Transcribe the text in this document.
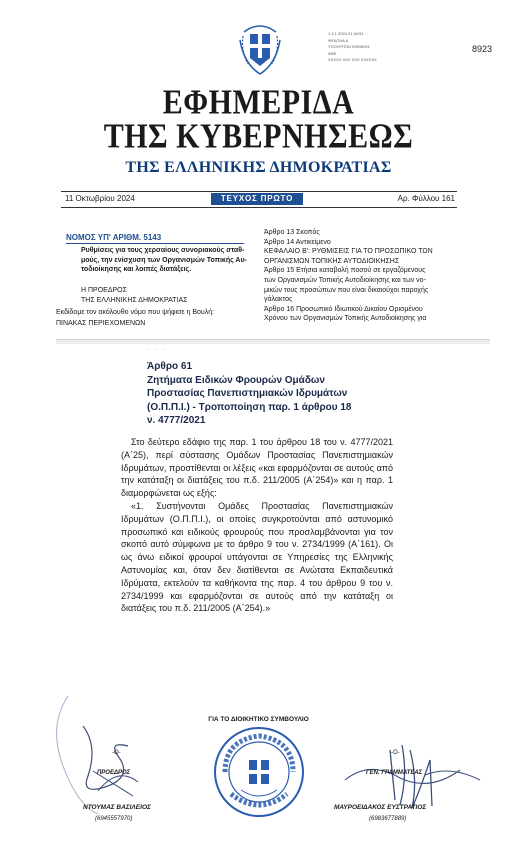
1 3 1 2024 21:34:51
ΦΕΚΟΛΑ Α
ΥΠΟΥΡΓΕΙΟ ΕΘΝΙΚΗΣ
ΑΦΕ
ΧΧΧΧΧ ΧΧΧ ΧΧΧ ΧΧΧΧΧΧ
8923
ΕΦΗΜΕΡΙΔΑ
ΤΗΣ ΚΥΒΕΡΝΗΣΕΩΣ
ΤΗΣ ΕΛΛΗΝΙΚΗΣ ΔΗΜΟΚΡΑΤΙΑΣ
11 Οκτωβρίου 2024	ΤΕΥΧΟΣ ΠΡΩΤΟ	Αρ. Φύλλου 161
ΝΟΜΟΣ ΥΠ' ΑΡΙΘΜ. 5143
Ρυθμίσεις για τους χερσαίους συνοριακούς σταθ-
μούς, την ενίσχυση των Οργανισμών Τοπικής Αυ-
τοδιοίκησης και λοιπές διατάξεις.
Η ΠΡΟΕΔΡΟΣ
ΤΗΣ ΕΛΛΗΝΙΚΗΣ ΔΗΜΟΚΡΑΤΙΑΣ
Εκδίδομε τον ακόλουθο νόμο που ψήφισε η Βουλή:
ΠΙΝΑΚΑΣ ΠΕΡΙΕΧΟΜΕΝΩΝ
Άρθρο 13 Σκοπός
Άρθρο 14 Αντικείμενο
ΚΕΦΑΛΑΙΟ Β': ΡΥΘΜΙΣΕΙΣ ΓΙΑ ΤΟ ΠΡΟΣΩΠΙΚΟ ΤΩΝ
ΟΡΓΑΝΙΣΜΩΝ ΤΟΠΙΚΗΣ ΑΥΤΟΔΙΟΙΚΗΣΗΣ
Άρθρο 15 Ετήσια καταβολή ποσού σε εργαζόμενους
των Οργανισμών Τοπικής Αυτοδιοίκησης και των νο-
μικών τους προσώπων που είναι δικαιούχοι παροχής
γάλακτος
Άρθρο 16 Προσωπικό Ιδιωτικού Δικαίου Ορισμένου
Χρόνου των Οργανισμών Τοπικής Αυτοδιοίκησης για
· · ·
Άρθρο 61
Ζητήματα Ειδικών Φρουρών Ομάδων
Προστασίας Πανεπιστημιακών Ιδρυμάτων
(Ο.Π.Π.Ι.) - Τροποποίηση παρ. 1 άρθρου 18
ν. 4777/2021

Στο δεύτερο εδάφιο της παρ. 1 του άρθρου 18 του ν. 4777/2021 (Α΄25), περί σύστασης Ομάδων Προστασίας Πανεπιστημιακών Ιδρυμάτων, προστίθενται οι λέξεις «και εφαρμόζονται σε αυτούς από την κατάταξη οι διατάξεις του π.δ. 211/2005 (Α΄254)» και η παρ. 1 διαμορφώνεται ως εξής:

«1. Συστήνονται Ομάδες Προστασίας Πανεπιστημιακών Ιδρυμάτων (Ο.Π.Π.Ι.), οι οποίες συγκροτούνται από αστυνομικό προσωπικό και ειδικούς φρουρούς που προσλαμβάνονται για τον σκοπό αυτό σύμφωνα με το άρθρο 9 του ν. 2734/1999 (Α΄161). Οι ως άνω ειδικοί φρουροί υπάγονται σε Υπηρεσίες της Ελληνικής Αστυνομίας και, όταν δεν διατίθενται σε Ανώτατα Εκπαιδευτικά Ιδρύματα, εκτελούν τα καθήκοντα της παρ. 4 του άρθρου 9 του ν. 2734/1999 και εφαρμόζονται σε αυτούς από την κατάταξη οι διατάξεις του π.δ. 211/2005 (Α΄254).»

ΓΙΑ ΤΟ ΔΙΟΙΚΗΤΙΚΟ ΣΥΜΒΟΥΛΙΟ
-Ο-
ΠΡΟΕΔΡΟΣ
ΝΤΟΥΜΑΣ ΒΑΣΙΛΕΙΟΣ
(6945557970)
-Ο-
ΓΕΝ. ΓΡΑΜΜΑΤΕΑΣ
ΜΑΥΡΟΕΙΔΑΚΟΣ ΕΥΣΤΡΑΤΙΟΣ
(6983677889)
